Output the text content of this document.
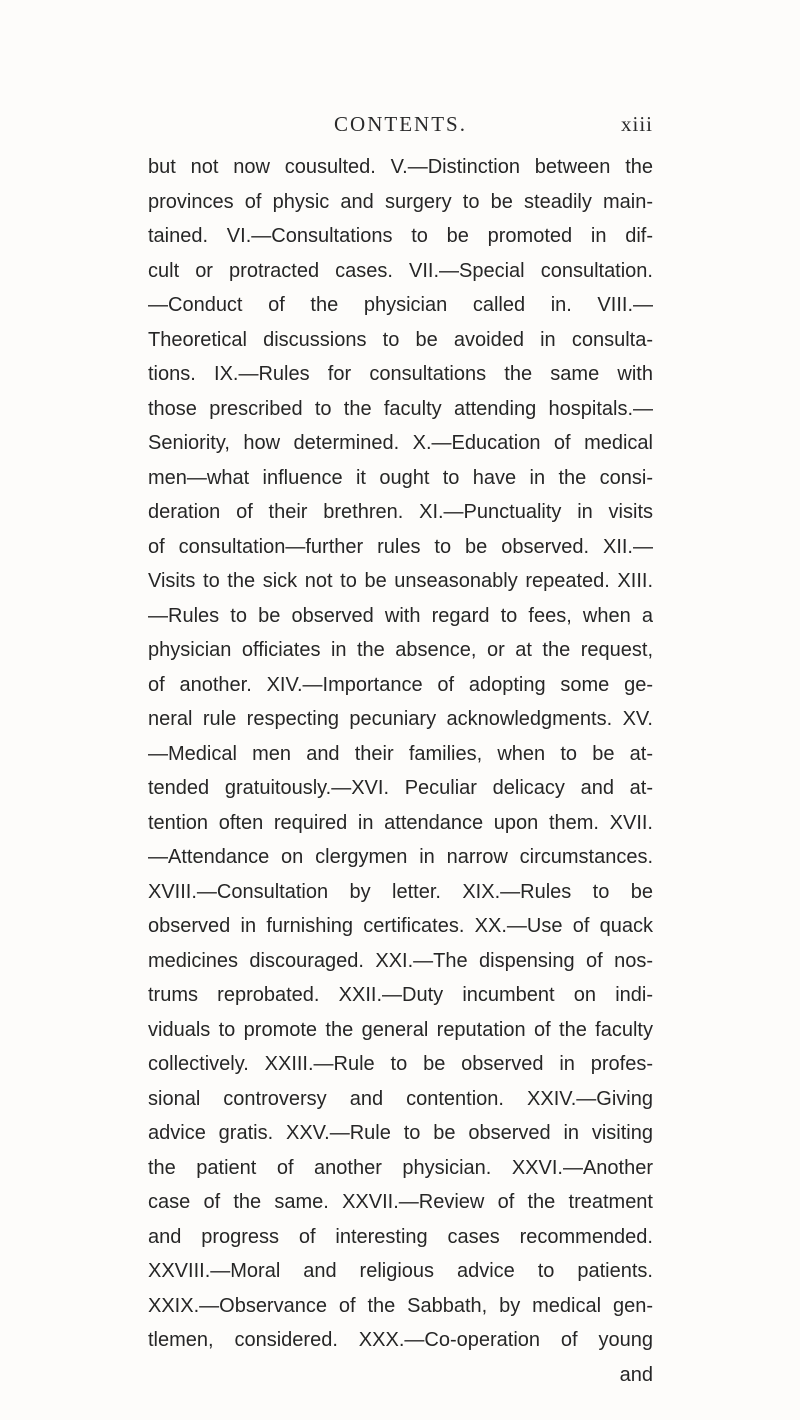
CONTENTS.	xiii
but not now cousulted. V.—Distinction between the
provinces of physic and surgery to be steadily main-
tained. VI.—Consultations to be promoted in dif-
cult or protracted cases. VII.—Special consultation.
—Conduct of the physician called in. VIII.—
Theoretical discussions to be avoided in consulta-
tions. IX.—Rules for consultations the same with
those prescribed to the faculty attending hospitals.—
Seniority, how determined. X.—Education of medical
men—what influence it ought to have in the consi-
deration of their brethren. XI.—Punctuality in visits
of consultation—further rules to be observed. XII.—
Visits to the sick not to be unseasonably repeated. XIII.
—Rules to be observed with regard to fees, when a
physician officiates in the absence, or at the request,
of another. XIV.—Importance of adopting some ge-
neral rule respecting pecuniary acknowledgments. XV.
—Medical men and their families, when to be at-
tended gratuitously.—XVI. Peculiar delicacy and at-
tention often required in attendance upon them. XVII.
—Attendance on clergymen in narrow circumstances.
XVIII.—Consultation by letter. XIX.—Rules to be
observed in furnishing certificates. XX.—Use of quack
medicines discouraged. XXI.—The dispensing of nos-
trums reprobated. XXII.—Duty incumbent on indi-
viduals to promote the general reputation of the faculty
collectively. XXIII.—Rule to be observed in profes-
sional controversy and contention. XXIV.—Giving
advice gratis. XXV.—Rule to be observed in visiting
the patient of another physician. XXVI.—Another
case of the same. XXVII.—Review of the treatment
and progress of interesting cases recommended.
XXVIII.—Moral and religious advice to patients.
XXIX.—Observance of the Sabbath, by medical gen-
tlemen, considered. XXX.—Co-operation of young
and
